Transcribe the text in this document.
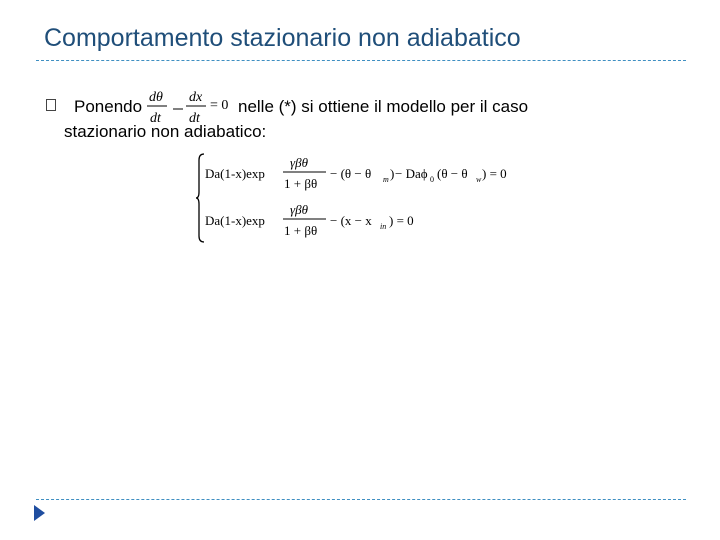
Comportamento stazionario non adiabatico
Ponendo dθ
dt
dx
dt
= 0 nelle (*) si ottiene il modello per il caso
stazionario non adiabatico:
Da(1-x)exp
γβθ
1 + βθ
− (θ − θ m ) − Daϕ 0 (θ − θ w ) = 0
Da(1-x)exp
γβθ
1 + βθ
− (x − x in ) = 0
